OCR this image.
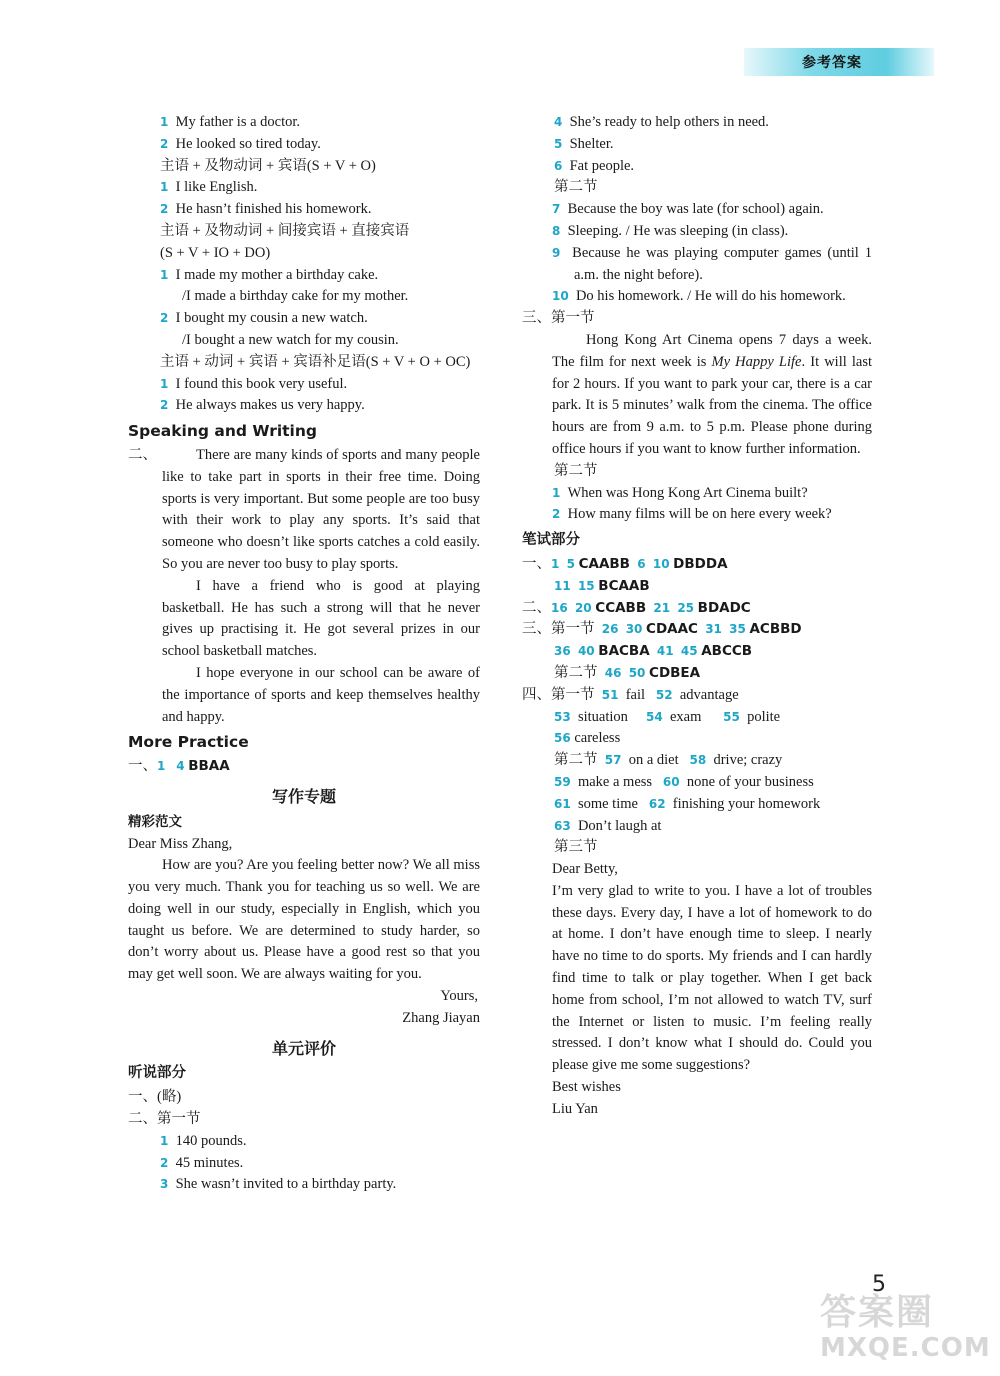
参考答案
1 My father is a doctor.
2 He looked so tired today.
主语 + 及物动词 + 宾语(S + V + O)
1 I like English.
2 He hasn’t finished his homework.
主语 + 及物动词 + 间接宾语 + 直接宾语
(S + V + IO + DO)
1 I made my mother a birthday cake.
/I made a birthday cake for my mother.
2 I bought my cousin a new watch.
/I bought a new watch for my cousin.
主语 + 动词 + 宾语 + 宾语补足语(S + V + O + OC)
1 I found this book very useful.
2 He always makes us very happy.
Speaking and Writing
二、	There are many kinds of sports and many people like to take part in sports in their free time. Doing sports is very important. But some people are too busy with their work to play any sports. It’s said that someone who doesn’t like sports catches a cold easily. So you are never too busy to play sports.
I have a friend who is good at playing basketball. He has such a strong will that he never gives up practising it. He got several prizes in our school basketball matches.
I hope everyone in our school can be aware of the importance of sports and keep themselves healthy and happy.
More Practice
一、1 4 BBAA
写作专题
精彩范文
Dear Miss Zhang,
How are you? Are you feeling better now? We all miss you very much. Thank you for teaching us so well. We are doing well in our study, especially in English, which you taught us before. We are determined to study harder, so don’t worry about us. Please have a good rest so that you may get well soon. We are always waiting for you.
Yours,
Zhang Jiayan
单元评价
听说部分
一、(略)
二、第一节
1 140 pounds.
2 45 minutes.
3 She wasn’t invited to a birthday party.
4 She’s ready to help others in need.
5 Shelter.
6 Fat people.
第二节
7 Because the boy was late (for school) again.
8 Sleeping. / He was sleeping (in class).
9 Because he was playing computer games (until 1 a.m. the night before).
10 Do his homework. / He will do his homework.
三、第一节
Hong Kong Art Cinema opens 7 days a week. The film for next week is My Happy Life. It will last for 2 hours. If you want to park your car, there is a car park. It is 5 minutes’ walk from the cinema. The office hours are from 9 a.m. to 5 p.m. Please phone during office hours if you want to know further information.
第二节
1 When was Hong Kong Art Cinema built?
2 How many films will be on here every week?
笔试部分
一、1 5 CAABB 6 10 DBDDA
11 15 BCAAB
二、16 20 CCABB 21 25 BDADC
三、第一节 26 30 CDAAC 31 35 ACBBD
36 40 BACBA 41 45 ABCCB
第二节 46 50 CDBEA
四、第一节 51 fail 52 advantage
53 situation 54 exam 55 polite
56 careless
第二节 57 on a diet 58 drive; crazy
59 make a mess 60 none of your business
61 some time 62 finishing your homework
63 Don’t laugh at
第三节
Dear Betty,
I’m very glad to write to you. I have a lot of troubles these days. Every day, I have a lot of homework to do at home. I don’t have enough time to sleep. I nearly have no time to do sports. My friends and I can hardly find time to talk or play together. When I get back home from school, I’m not allowed to watch TV, surf the Internet or listen to music. I’m feeling really stressed. I don’t know what I should do. Could you please give me some suggestions?
Best wishes
Liu Yan
5
答案圈
MXQE.COM
